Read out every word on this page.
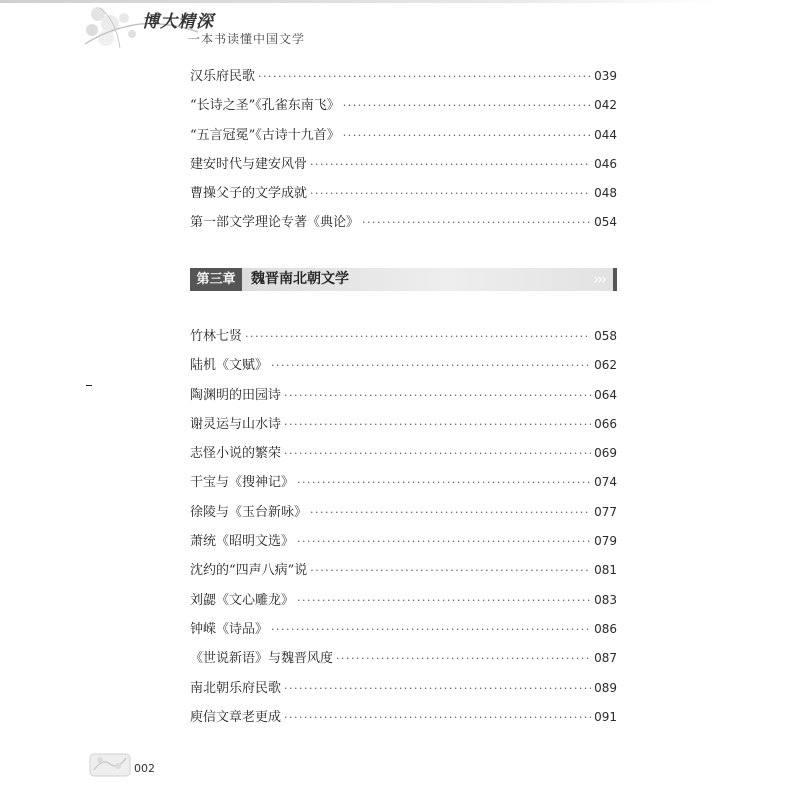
博大精深
一本书读懂中国文学
汉乐府民歌 ·····	039
“长诗之圣”《孔雀东南飞》 ·····	042
“五言冠冕”《古诗十九首》 ·····	044
建安时代与建安风骨 ·····	046
曹操父子的文学成就 ·····	048
第一部文学理论专著《典论》 ·····	054
第三章	魏晋南北朝文学	›››
竹林七贤 ·····	058
陆机《文赋》 ·····	062
陶渊明的田园诗 ·····	064
谢灵运与山水诗 ·····	066
志怪小说的繁荣 ·····	069
干宝与《搜神记》 ·····	074
徐陵与《玉台新咏》 ·····	077
萧统《昭明文选》 ·····	079
沈约的“四声八病”说 ·····	081
刘勰《文心雕龙》 ·····	083
钟嵘《诗品》 ·····	086
《世说新语》与魏晋风度 ·····	087
南北朝乐府民歌 ·····	089
庾信文章老更成 ·····	091
002
